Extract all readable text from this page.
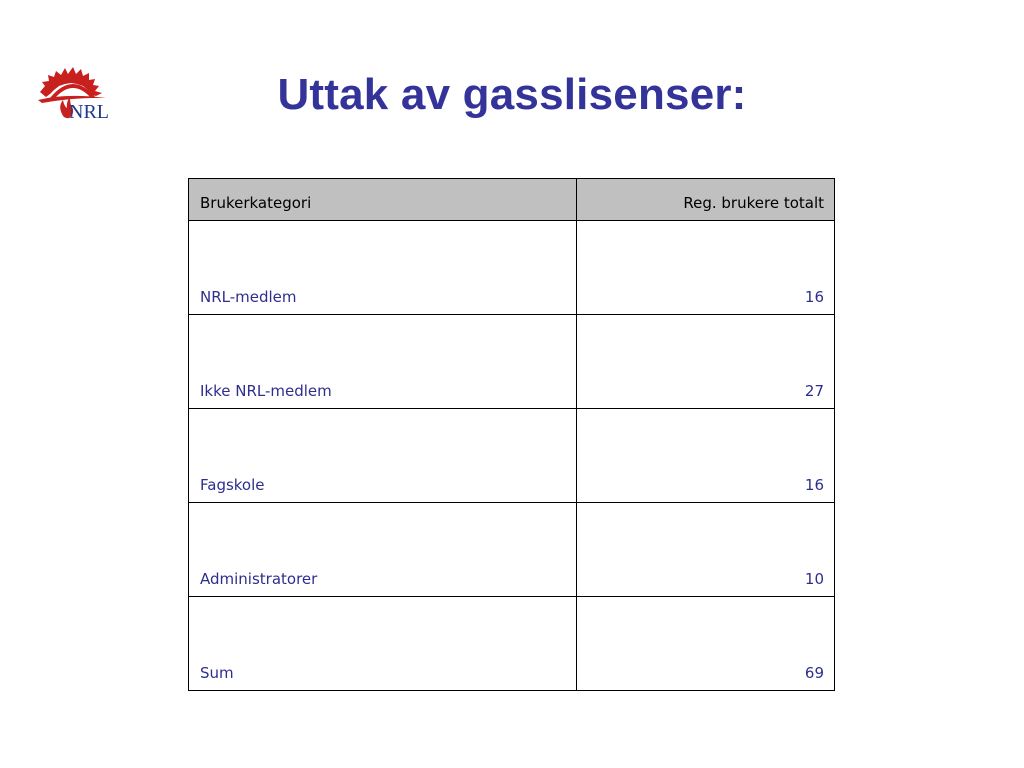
NRL	Uttak av gasslisenser:
Brukerkategori	Reg. brukere totalt
NRL-medlem	16
Ikke NRL-medlem	27
Fagskole	16
Administratorer	10
Sum	69
